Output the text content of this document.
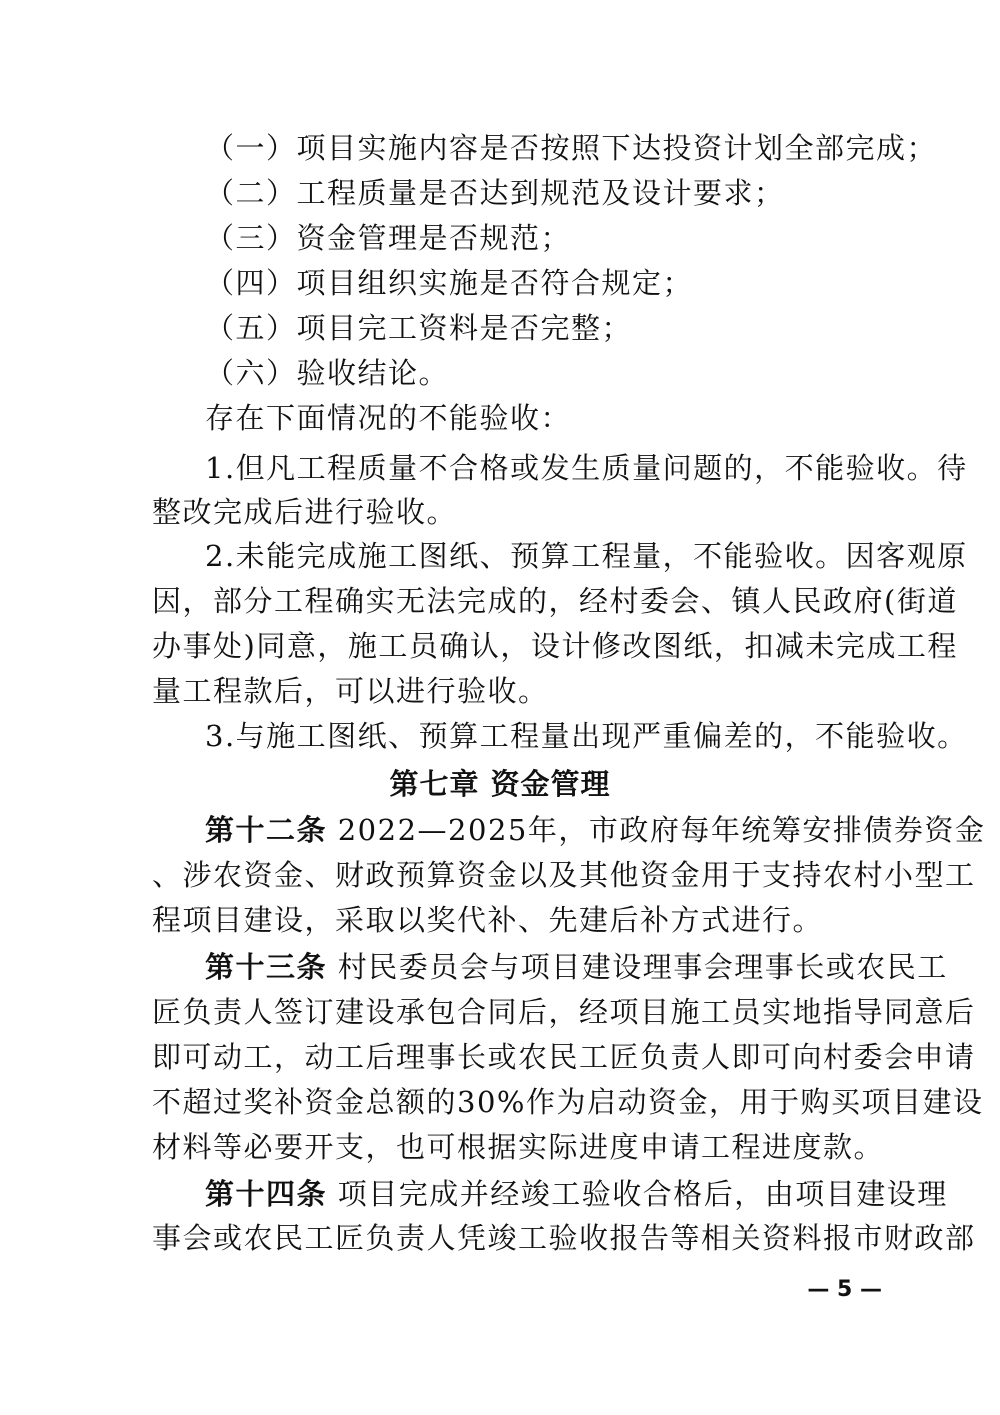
（一）项目实施内容是否按照下达投资计划全部完成；
（二）工程质量是否达到规范及设计要求；
（三）资金管理是否规范；
（四）项目组织实施是否符合规定；
（五）项目完工资料是否完整；
（六）验收结论。
存在下面情况的不能验收：
1.但凡工程质量不合格或发生质量问题的，不能验收。待
整改完成后进行验收。
2.未能完成施工图纸、预算工程量，不能验收。因客观原
因，部分工程确实无法完成的，经村委会、镇人民政府(街道
办事处)同意，施工员确认，设计修改图纸，扣减未完成工程
量工程款后，可以进行验收。
3.与施工图纸、预算工程量出现严重偏差的，不能验收。
第七章 资金管理
第十二条 2022—2025年，市政府每年统筹安排债券资金
、涉农资金、财政预算资金以及其他资金用于支持农村小型工
程项目建设，采取以奖代补、先建后补方式进行。
第十三条 村民委员会与项目建设理事会理事长或农民工
匠负责人签订建设承包合同后，经项目施工员实地指导同意后
即可动工，动工后理事长或农民工匠负责人即可向村委会申请
不超过奖补资金总额的30%作为启动资金，用于购买项目建设
材料等必要开支，也可根据实际进度申请工程进度款。
第十四条 项目完成并经竣工验收合格后，由项目建设理
事会或农民工匠负责人凭竣工验收报告等相关资料报市财政部
— 5 —
